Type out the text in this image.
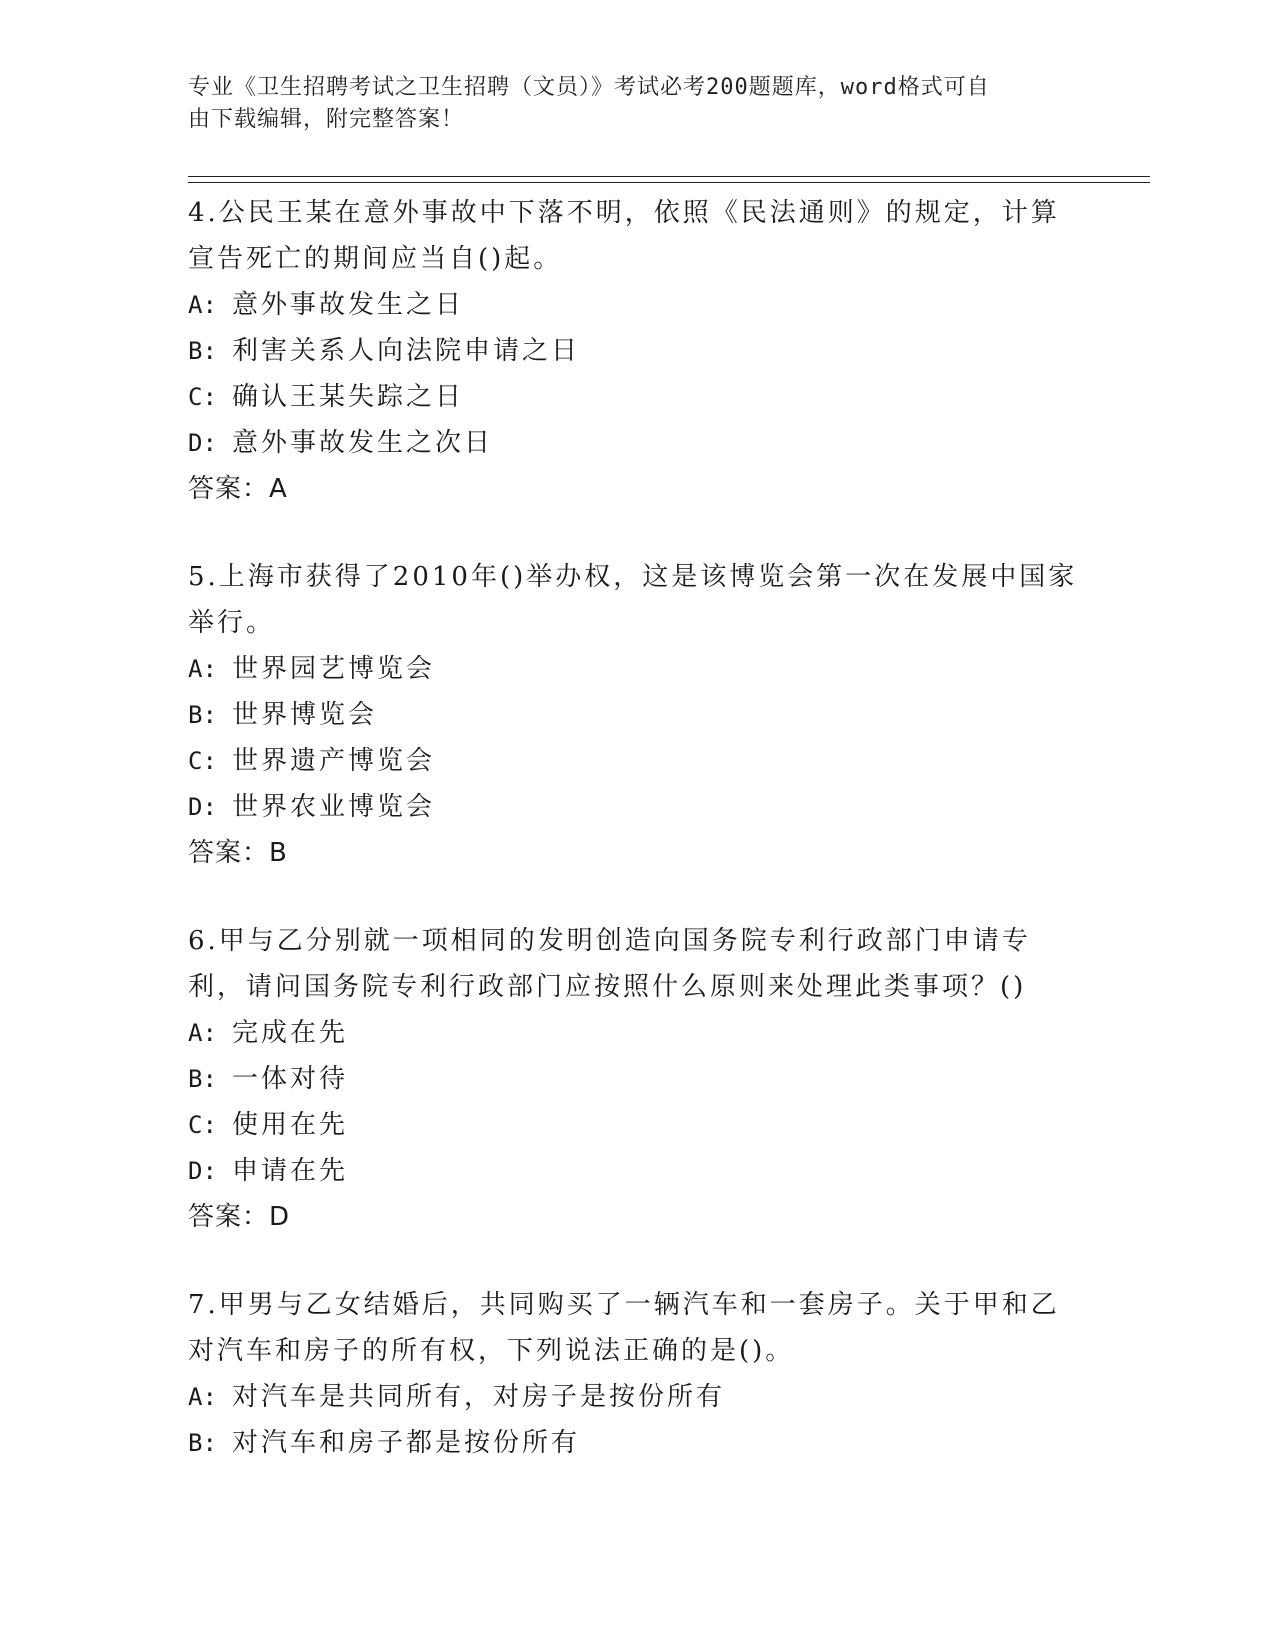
专业《卫生招聘考试之卫生招聘（文员）》考试必考200题题库，word格式可自
由下载编辑，附完整答案！

4.公民王某在意外事故中下落不明，依照《民法通则》的规定，计算宣告死亡的期间应当自()起。

A: 意外事故发生之日

B: 利害关系人向法院申请之日

C: 确认王某失踪之日

D: 意外事故发生之次日

答案：A

5.上海市获得了2010年()举办权，这是该博览会第一次在发展中国家举行。

A: 世界园艺博览会

B: 世界博览会

C: 世界遗产博览会

D: 世界农业博览会

答案：B

6.甲与乙分别就一项相同的发明创造向国务院专利行政部门申请专利，请问国务院专利行政部门应按照什么原则来处理此类事项？()

A: 完成在先

B: 一体对待

C: 使用在先

D: 申请在先

答案：D

7.甲男与乙女结婚后，共同购买了一辆汽车和一套房子。关于甲和乙对汽车和房子的所有权，下列说法正确的是()。

A: 对汽车是共同所有，对房子是按份所有

B: 对汽车和房子都是按份所有
